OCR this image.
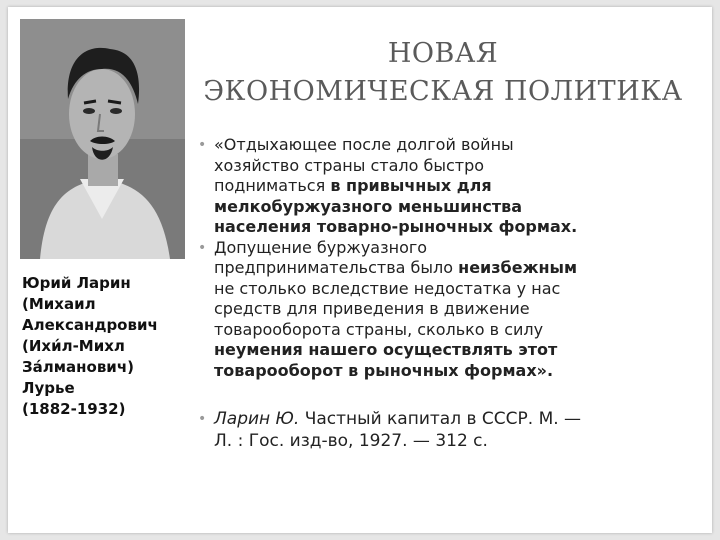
Юрий Ларин
(Михаил
Александрович
(Ихи́л-Михл
За́лманович)
Лурье
(1882-1932)
НОВАЯ
ЭКОНОМИЧЕСКАЯ ПОЛИТИКА

• «Отдыхающее после долгой войны
хозяйство страны стало быстро
подниматься в привычных для
мелкобуржуазного меньшинства
населения товарно-рыночных формах.

• Допущение буржуазного
предпринимательства было неизбежным
не столько вследствие недостатка у нас
средств для приведения в движение
товарооборота страны, сколько в силу
неумения нашего осуществлять этот
товарооборот в рыночных формах».

• Ларин Ю. Частный капитал в СССР. М. —
Л. : Гос. изд-во, 1927. — 312 с.
